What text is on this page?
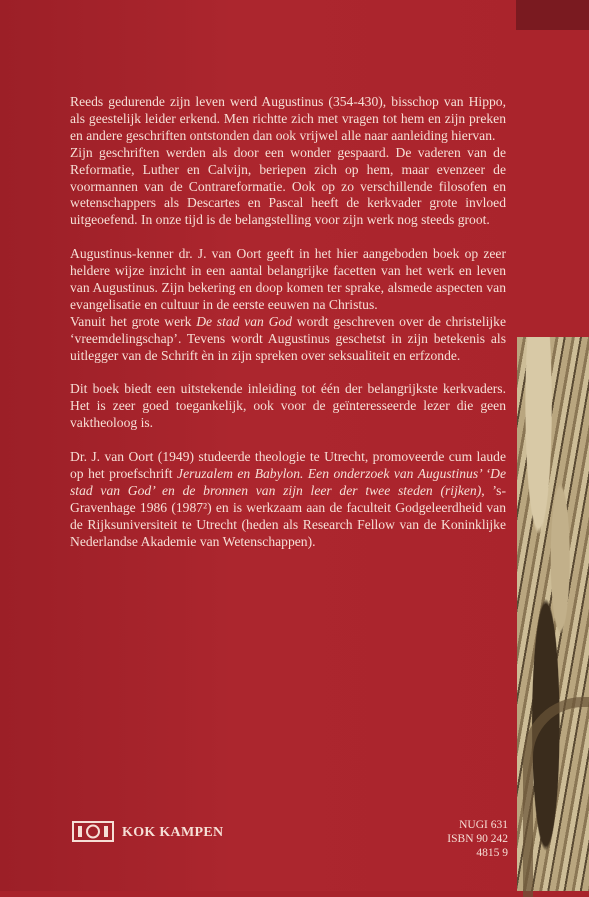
Reeds gedurende zijn leven werd Augustinus (354-430), bisschop van Hippo, als geestelijk leider erkend. Men richtte zich met vragen tot hem en zijn preken en andere geschriften ontstonden dan ook vrijwel alle naar aanleiding hiervan.

Zijn geschriften werden als door een wonder gespaard. De vaderen van de Reformatie, Luther en Calvijn, beriepen zich op hem, maar evenzeer de voormannen van de Contrareformatie. Ook op zo verschillende filosofen en wetenschappers als Descartes en Pascal heeft de kerkvader grote invloed uitgeoefend. In onze tijd is de belangstelling voor zijn werk nog steeds groot.

Augustinus-kenner dr. J. van Oort geeft in het hier aangeboden boek op zeer heldere wijze inzicht in een aantal belangrijke facetten van het werk en leven van Augustinus. Zijn bekering en doop komen ter sprake, alsmede aspecten van evangelisatie en cultuur in de eerste eeuwen na Christus.

Vanuit het grote werk De stad van God wordt geschreven over de christelijke ‘vreemdelingschap’. Tevens wordt Augustinus geschetst in zijn betekenis als uitlegger van de Schrift èn in zijn spreken over seksualiteit en erfzonde.

Dit boek biedt een uitstekende inleiding tot één der belangrijkste kerkvaders. Het is zeer goed toegankelijk, ook voor de geïnteresseerde lezer die geen vaktheoloog is.

Dr. J. van Oort (1949) studeerde theologie te Utrecht, promoveerde cum laude op het proefschrift Jeruzalem en Babylon. Een onderzoek van Augustinus’ ‘De stad van God’ en de bronnen van zijn leer der twee steden (rijken), ’s-Gravenhage 1986 (1987²) en is werkzaam aan de faculteit Godgeleerdheid van de Rijksuniversiteit te Utrecht (heden als Research Fellow van de Koninklijke Nederlandse Akademie van Wetenschappen).

KOK KAMPEN	NUGI 631
ISBN 90 242 4815 9
